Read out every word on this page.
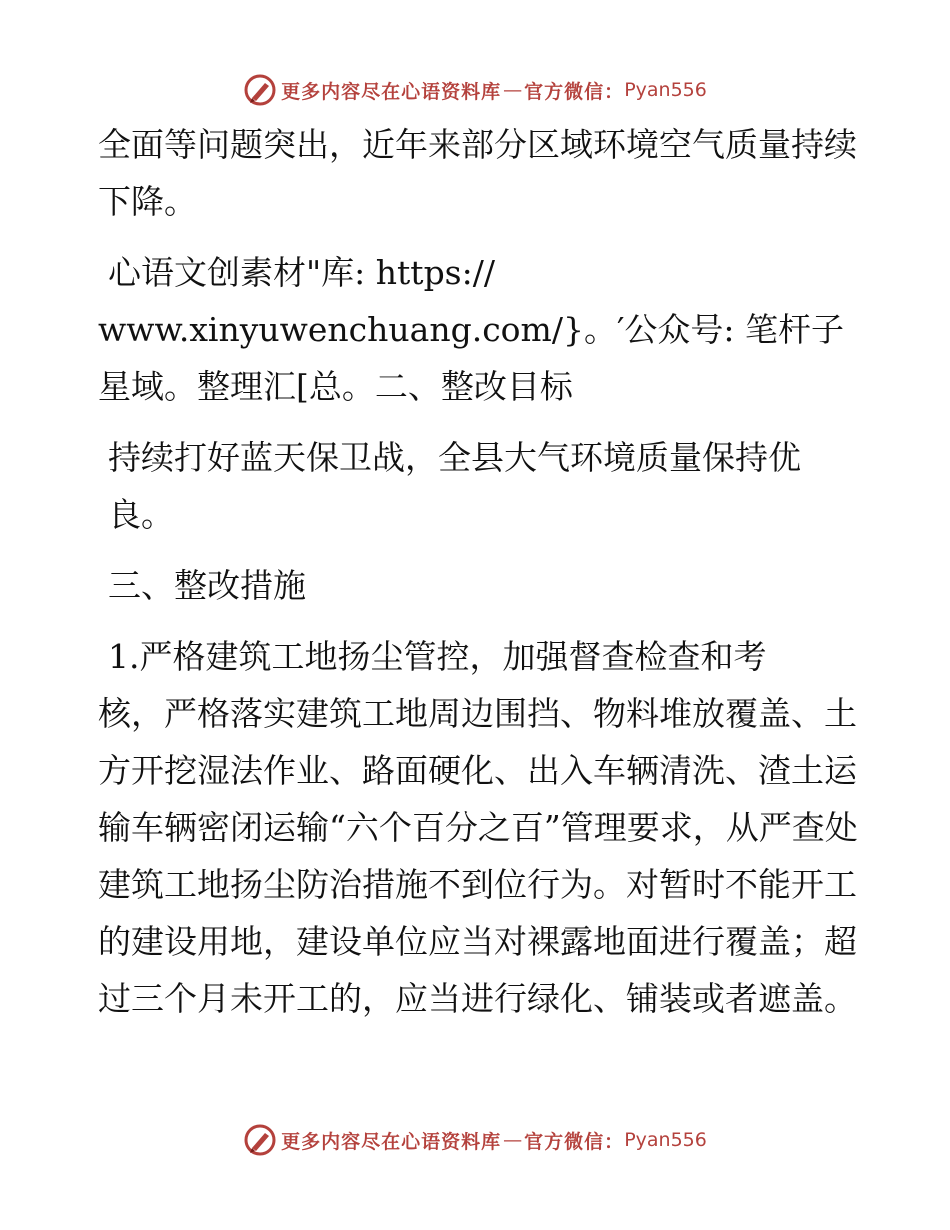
更多内容尽在心语资料库 — 官方微信： Pyan556

全面等问题突出，近年来部分区域环境空气质量持续下降。

心语文创素材"库: https://

www.xinyuwenchuang.com/}。′公众号: 笔杆子星域。整理汇[总。二、整改目标

持续打好蓝天保卫战，全县大气环境质量保持优良。

三、整改措施

1.严格建筑工地扬尘管控，加强督查检查和考

核，严格落实建筑工地周边围挡、物料堆放覆盖、土方开挖湿法作业、路面硬化、出入车辆清洗、渣土运输车辆密闭运输“六个百分之百”管理要求，从严查处建筑工地扬尘防治措施不到位行为。对暂时不能开工的建设用地，建设单位应当对裸露地面进行覆盖；超过三个月未开工的，应当进行绿化、铺装或者遮盖。

更多内容尽在心语资料库 — 官方微信： Pyan556
